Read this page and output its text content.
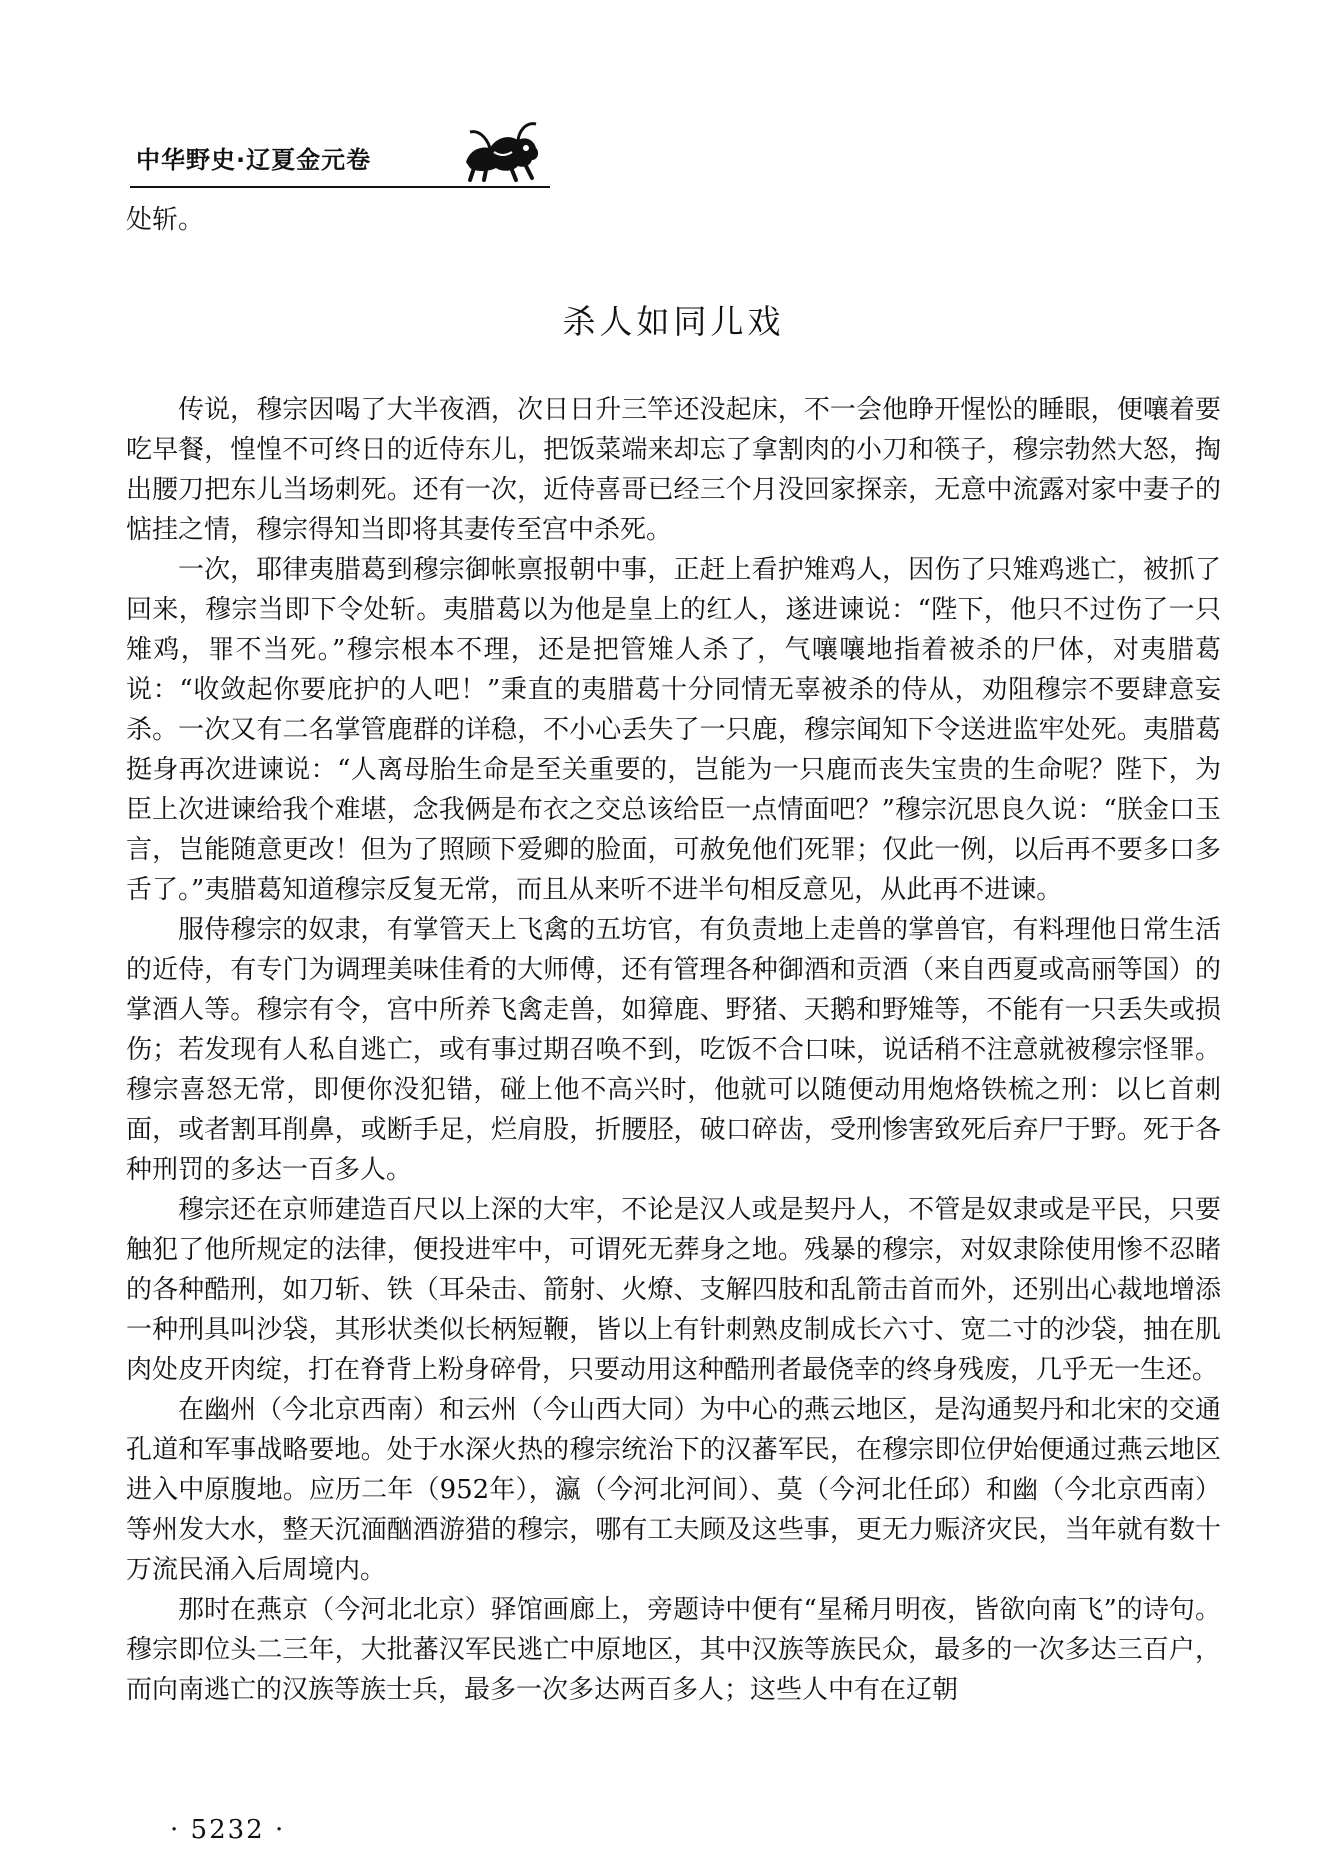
中华野史·辽夏金元卷

处斩。

杀人如同儿戏

传说，穆宗因喝了大半夜酒，次日日升三竿还没起床，不一会他睁开惺忪的睡眼，便嚷着要吃早餐，惶惶不可终日的近侍东儿，把饭菜端来却忘了拿割肉的小刀和筷子，穆宗勃然大怒，掏出腰刀把东儿当场刺死。还有一次，近侍喜哥已经三个月没回家探亲，无意中流露对家中妻子的惦挂之情，穆宗得知当即将其妻传至宫中杀死。

一次，耶律夷腊葛到穆宗御帐禀报朝中事，正赶上看护雉鸡人，因伤了只雉鸡逃亡，被抓了回来，穆宗当即下令处斩。夷腊葛以为他是皇上的红人，遂进谏说：“陛下，他只不过伤了一只雉鸡，罪不当死。”穆宗根本不理，还是把管雉人杀了，气嚷嚷地指着被杀的尸体，对夷腊葛说：“收敛起你要庇护的人吧！”秉直的夷腊葛十分同情无辜被杀的侍从，劝阻穆宗不要肆意妄杀。一次又有二名掌管鹿群的详稳，不小心丢失了一只鹿，穆宗闻知下令送进监牢处死。夷腊葛挺身再次进谏说：“人离母胎生命是至关重要的，岂能为一只鹿而丧失宝贵的生命呢？陛下，为臣上次进谏给我个难堪，念我俩是布衣之交总该给臣一点情面吧？”穆宗沉思良久说：“朕金口玉言，岂能随意更改！但为了照顾下爱卿的脸面，可赦免他们死罪；仅此一例，以后再不要多口多舌了。”夷腊葛知道穆宗反复无常，而且从来听不进半句相反意见，从此再不进谏。

服侍穆宗的奴隶，有掌管天上飞禽的五坊官，有负责地上走兽的掌兽官，有料理他日常生活的近侍，有专门为调理美味佳肴的大师傅，还有管理各种御酒和贡酒（来自西夏或高丽等国）的掌酒人等。穆宗有令，宫中所养飞禽走兽，如獐鹿、野猪、天鹅和野雉等，不能有一只丢失或损伤；若发现有人私自逃亡，或有事过期召唤不到，吃饭不合口味，说话稍不注意就被穆宗怪罪。穆宗喜怒无常，即便你没犯错，碰上他不高兴时，他就可以随便动用炮烙铁梳之刑：以匕首刺面，或者割耳削鼻，或断手足，烂肩股，折腰胫，破口碎齿，受刑惨害致死后弃尸于野。死于各种刑罚的多达一百多人。

穆宗还在京师建造百尺以上深的大牢，不论是汉人或是契丹人，不管是奴隶或是平民，只要触犯了他所规定的法律，便投进牢中，可谓死无葬身之地。残暴的穆宗，对奴隶除使用惨不忍睹的各种酷刑，如刀斩、铁（耳朵击、箭射、火燎、支解四肢和乱箭击首而外，还别出心裁地增添一种刑具叫沙袋，其形状类似长柄短鞭，皆以上有针刺熟皮制成长六寸、宽二寸的沙袋，抽在肌肉处皮开肉绽，打在脊背上粉身碎骨，只要动用这种酷刑者最侥幸的终身残废，几乎无一生还。

在幽州（今北京西南）和云州（今山西大同）为中心的燕云地区，是沟通契丹和北宋的交通孔道和军事战略要地。处于水深火热的穆宗统治下的汉蕃军民，在穆宗即位伊始便通过燕云地区进入中原腹地。应历二年（952年），瀛（今河北河间）、莫（今河北任邱）和幽（今北京西南）等州发大水，整天沉湎酗酒游猎的穆宗，哪有工夫顾及这些事，更无力赈济灾民，当年就有数十万流民涌入后周境内。

那时在燕京（今河北北京）驿馆画廊上，旁题诗中便有“星稀月明夜，皆欲向南飞”的诗句。穆宗即位头二三年，大批蕃汉军民逃亡中原地区，其中汉族等族民众，最多的一次多达三百户，而向南逃亡的汉族等族士兵，最多一次多达两百多人；这些人中有在辽朝

· 5232 ·
